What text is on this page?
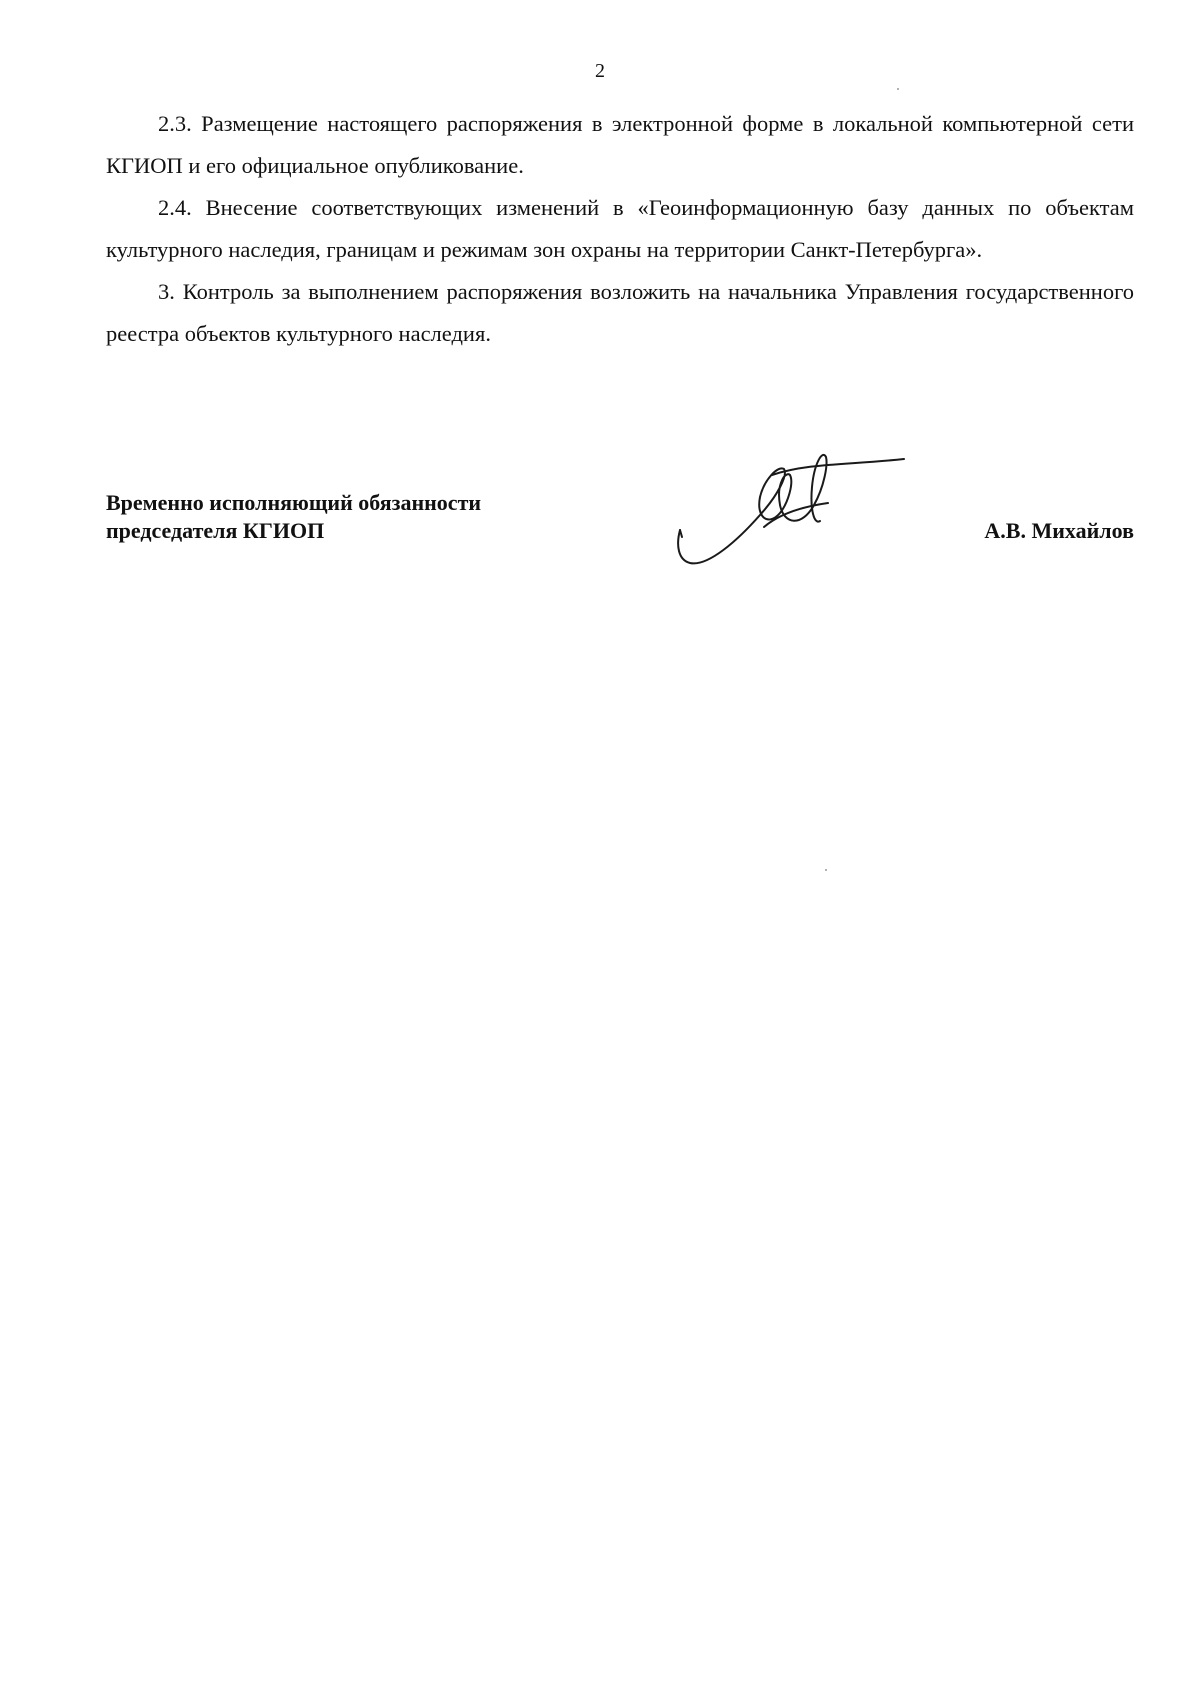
2

2.3. Размещение настоящего распоряжения в электронной форме в локальной компьютерной сети КГИОП и его официальное опубликование.

2.4. Внесение соответствующих изменений в «Геоинформационную базу данных по объектам культурного наследия, границам и режимам зон охраны на территории Санкт-Петербурга».

3. Контроль за выполнением распоряжения возложить на начальника Управления государственного реестра объектов культурного наследия.

Временно исполняющий обязанности
председателя КГИОП	А.В. Михайлов
